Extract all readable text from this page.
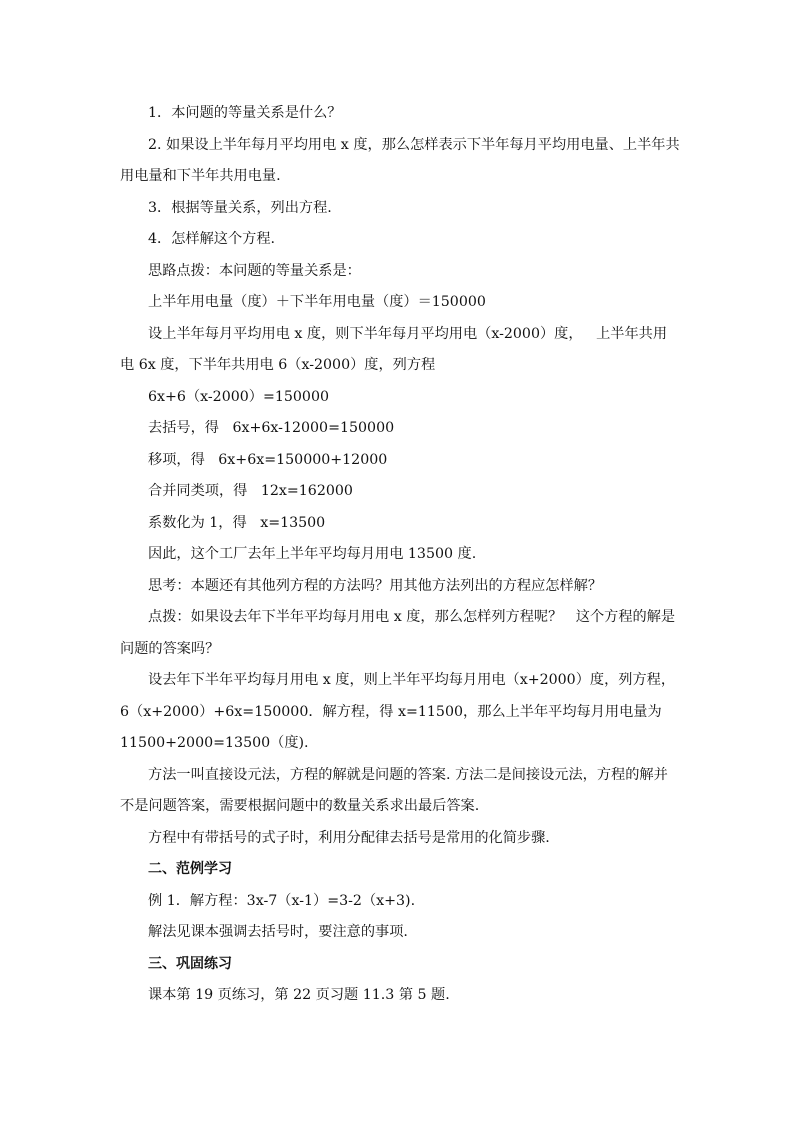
1．本问题的等量关系是什么？
2. 如果设上半年每月平均用电 x 度，那么怎样表示下半年每月平均用电量、上半年共用电量和下半年共用电量.
3．根据等量关系，列出方程.
4．怎样解这个方程.
思路点拨：本问题的等量关系是：
上半年用电量（度）＋下半年用电量（度）＝150000
设上半年每月平均用电 x 度，则下半年每月平均用电（x-2000）度，   上半年共用电 6x 度，下半年共用电 6（x-2000）度，列方程
6x+6（x-2000）=150000
去括号，得   6x+6x-12000=150000
移项，得   6x+6x=150000+12000
合并同类项，得   12x=162000
系数化为 1，得   x=13500
因此，这个工厂去年上半年平均每月用电 13500 度.
思考：本题还有其他列方程的方法吗？用其他方法列出的方程应怎样解？
点拨：如果设去年下半年平均每月用电 x 度，那么怎样列方程呢？   这个方程的解是问题的答案吗？
设去年下半年平均每月用电 x 度，则上半年平均每月用电（x+2000）度，列方程，6（x+2000）+6x=150000．解方程，得 x=11500，那么上半年平均每月用电量为 11500+2000=13500（度).
方法一叫直接设元法，方程的解就是问题的答案. 方法二是间接设元法，方程的解并不是问题答案，需要根据问题中的数量关系求出最后答案.
方程中有带括号的式子时，利用分配律去括号是常用的化简步骤.
二、范例学习
例 1．解方程：3x-7（x-1）=3-2（x+3).
解法见课本强调去括号时，要注意的事项.
三、巩固练习
课本第 19 页练习，第 22 页习题 11.3 第 5 题.
